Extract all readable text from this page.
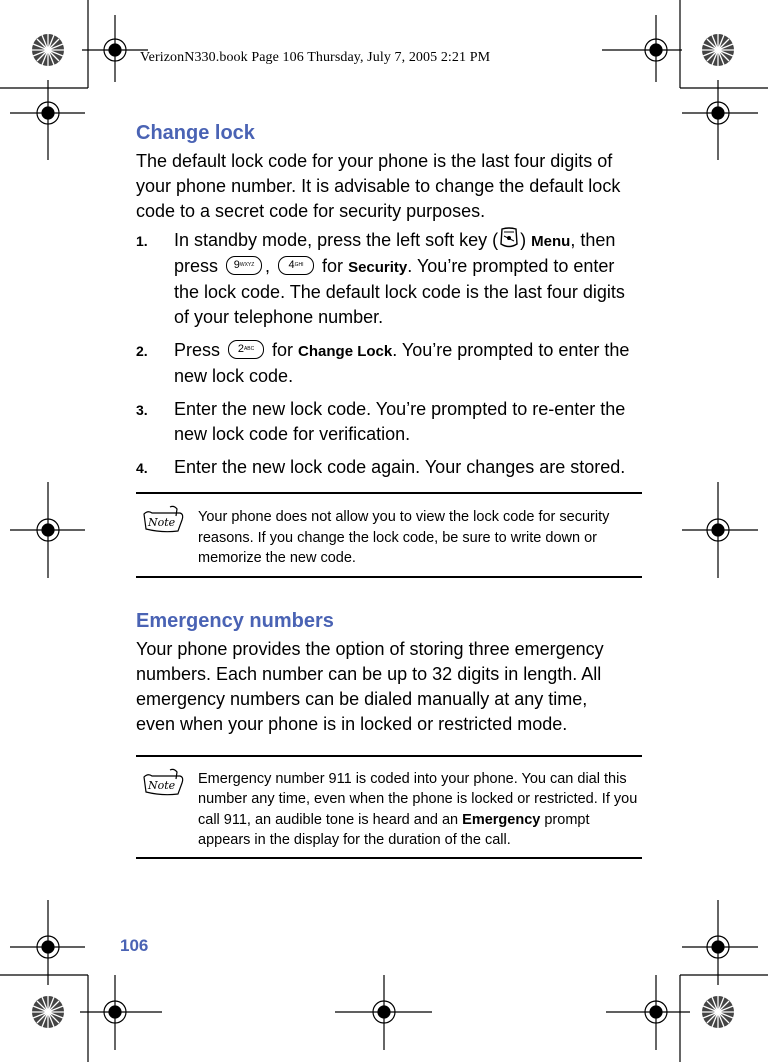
VerizonN330.book Page 106 Thursday, July 7, 2005 2:21 PM
Change lock

The default lock code for your phone is the last four digits of your phone number. It is advisable to change the default lock code to a secret code for security purposes.

1. In standby mode, press the left soft key ( ) Menu, then press $9^{WXYZ}$ , $4^{GHI}$ for Security. You’re prompted to enter the lock code. The default lock code is the last four digits of your telephone number.
2. Press $2^{ABC}$ for Change Lock. You’re prompted to enter the new lock code.
3. Enter the new lock code. You’re prompted to re-enter the new lock code for verification.
4. Enter the new lock code again. Your changes are stored.
Note Your phone does not allow you to view the lock code for security reasons. If you change the lock code, be sure to write down or memorize the new code.
Emergency numbers

Your phone provides the option of storing three emergency numbers. Each number can be up to 32 digits in length. All emergency numbers can be dialed manually at any time, even when your phone is in locked or restricted mode.

Note Emergency number 911 is coded into your phone. You can dial this number any time, even when the phone is locked or restricted. If you call 911, an audible tone is heard and an Emergency prompt appears in the display for the duration of the call.
106
